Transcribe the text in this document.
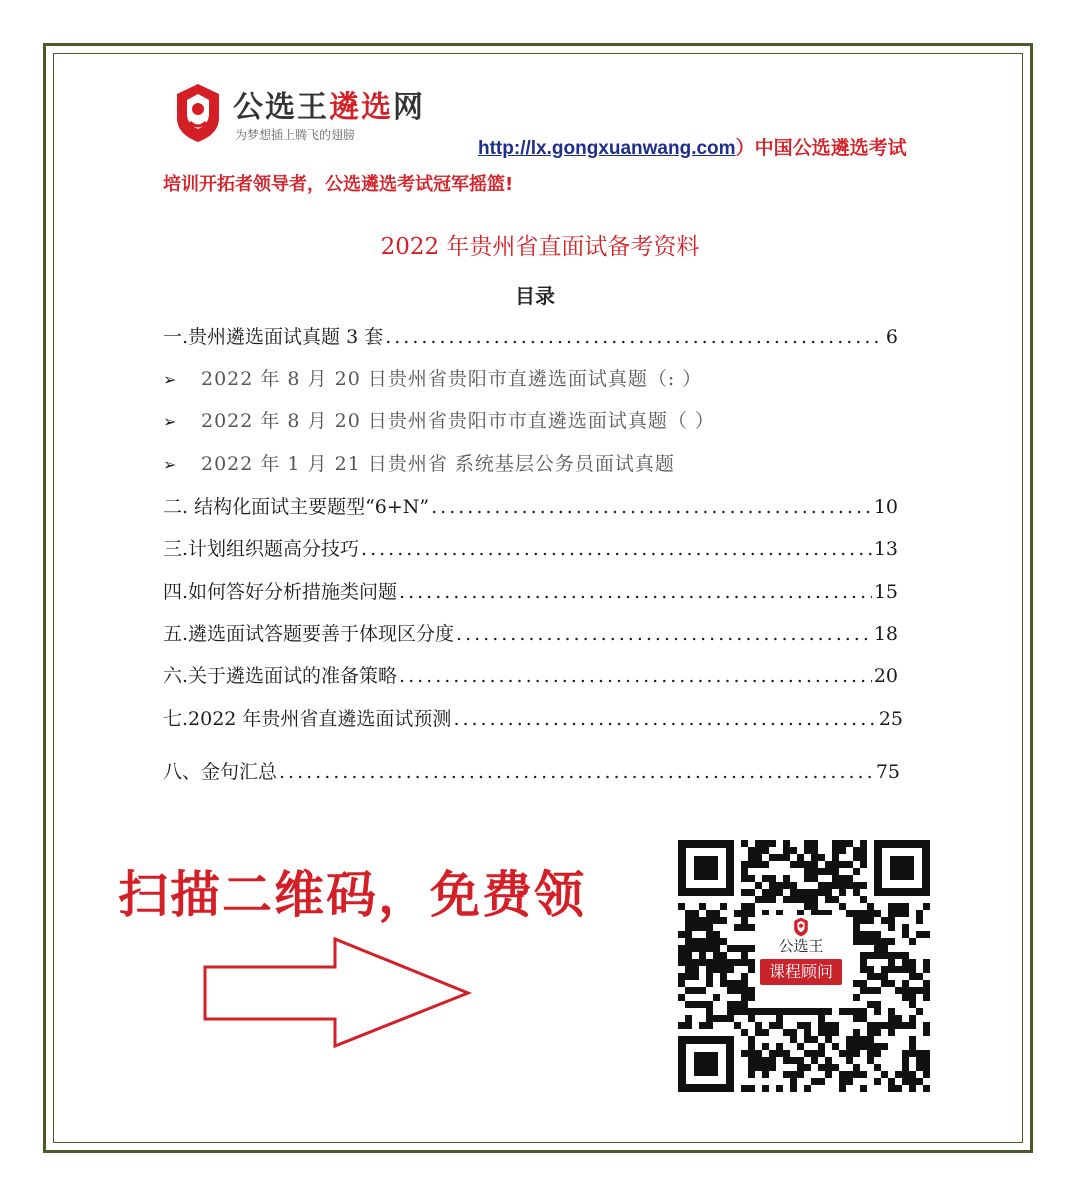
公选王遴选网
为梦想插上腾飞的翅膀
http://lx.gongxuanwang.com）中国公选遴选考试
培训开拓者领导者，公选遴选考试冠军摇篮!
2022 年贵州省直面试备考资料
目录
一.贵州遴选面试真题 3 套 .....	6
➢ 2022 年 8 月 20 日贵州省贵阳市直遴选面试真题（: ）
➢ 2022 年 8 月 20 日贵州省贵阳市市直遴选面试真题（ ）
➢ 2022 年 1 月 21 日贵州省 系统基层公务员面试真题
二. 结构化面试主要题型“6+N” .....	10
三.计划组织题高分技巧 .....	13
四.如何答好分析措施类问题 .....	15
五.遴选面试答题要善于体现区分度 .....	18
六.关于遴选面试的准备策略 .....	20
七.2022 年贵州省直遴选面试预测 .....	25
八、金句汇总 .....	75
扫描二维码，免费领
公选王
课程顾问
